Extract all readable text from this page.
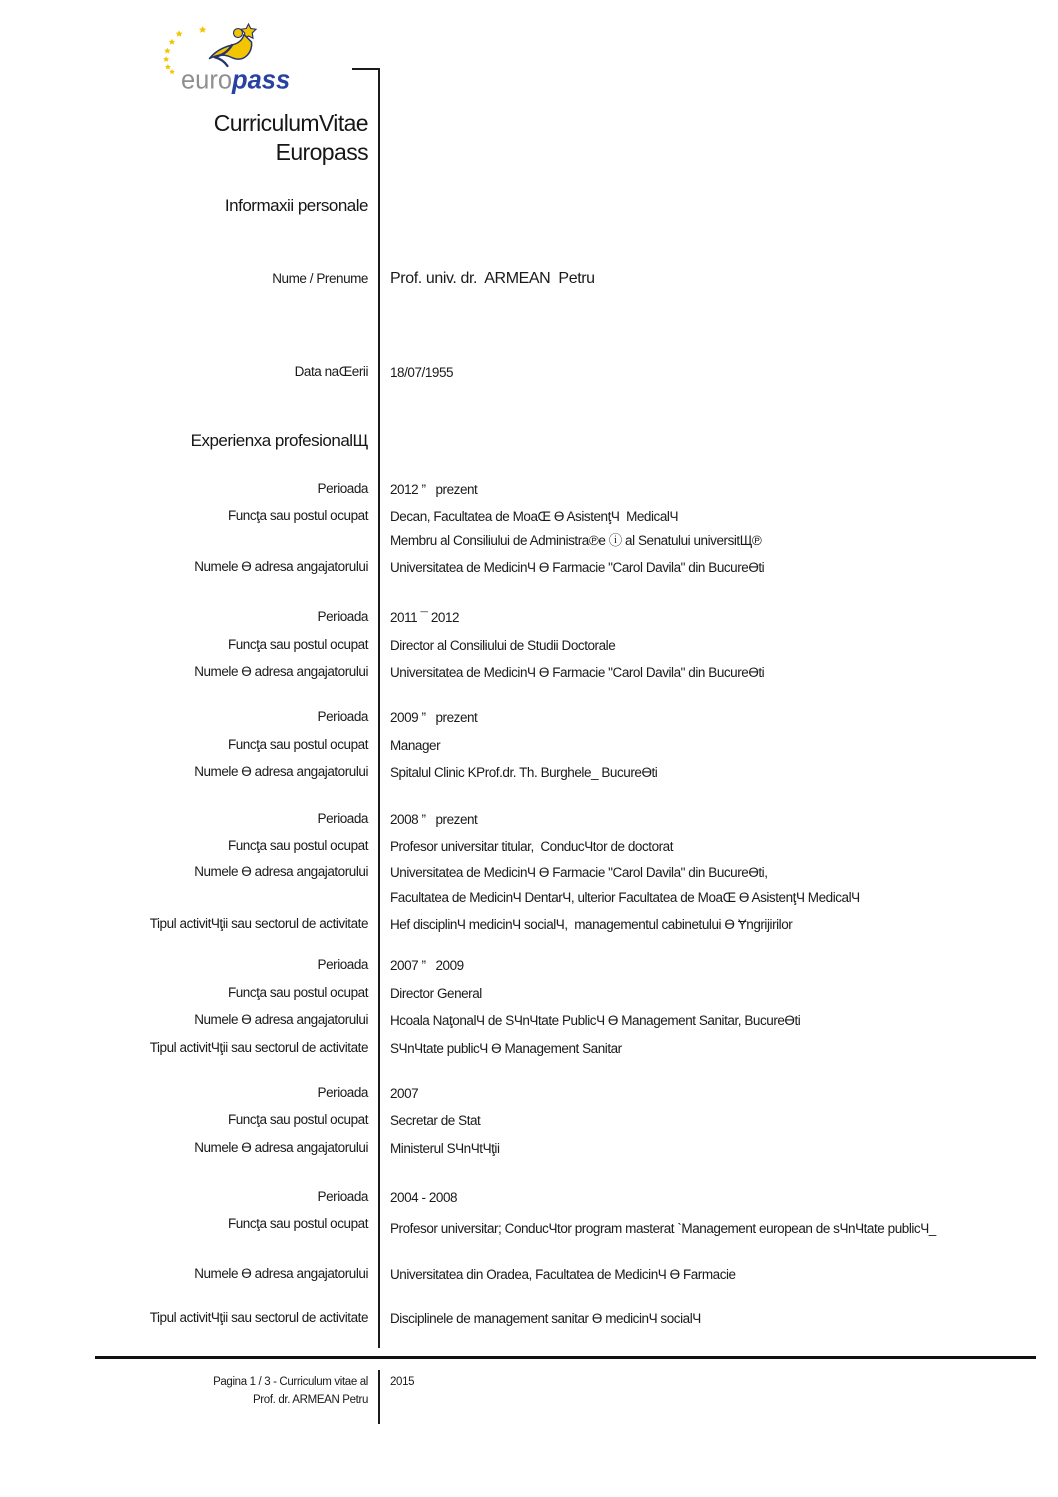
euro pass
CurriculumVitae
Europass
Informaxii personale
Nume / Prenume Prof. univ. dr.  ARMEAN  Petru
Data naŒerii 18/07/1955
Experienxa profesionalЩ
Perioada 2012 ”   prezent
Funcţa sau postul ocupat Decan, Facultatea de MoaŒ Ɵ AsistenţЧ  MedicalЧ
Membru al Consiliului de Administra℗e ⓘ al Senatului universitЩ℗
Numele Ɵ adresa angajatorului Universitatea de MedicinЧ Ɵ Farmacie "Carol Davila" din BucureƟti
Perioada 2011 ¯ 2012
Funcţa sau postul ocupat Director al Consiliului de Studii Doctorale
Numele Ɵ adresa angajatorului Universitatea de MedicinЧ Ɵ Farmacie "Carol Davila" din BucureƟti
Perioada 2009 ”   prezent
Funcţa sau postul ocupat Manager
Numele Ɵ adresa angajatorului Spitalul Clinic KProf.dr. Th. Burghele_ BucureƟti
Perioada 2008 ”   prezent
Funcţa sau postul ocupat Profesor universitar titular,  ConducЧtor de doctorat
Numele Ɵ adresa angajatorului Universitatea de MedicinЧ Ɵ Farmacie "Carol Davila" din BucureƟti,
Facultatea de MedicinЧ DentarЧ, ulterior Facultatea de MoaŒ Ɵ AsistenţЧ MedicalЧ
Tipul activitЧţii sau sectorul de activitate Hef disciplinЧ medicinЧ socialЧ,  managementul cabinetului Ɵ Ɏngrijirilor
Perioada 2007 ”   2009
Funcţa sau postul ocupat Director General
Numele Ɵ adresa angajatorului Hcoala NaţonalЧ de SЧnЧtate PublicЧ Ɵ Management Sanitar, BucureƟti
Tipul activitЧţii sau sectorul de activitate SЧnЧtate publicЧ Ɵ Management Sanitar
Perioada 2007
Funcţa sau postul ocupat Secretar de Stat
Numele Ɵ adresa angajatorului Ministerul SЧnЧtЧţii
Perioada 2004 - 2008
Funcţa sau postul ocupat Profesor universitar; ConducЧtor program masterat `Management european de sЧnЧtate publicЧ_
Numele Ɵ adresa angajatorului Universitatea din Oradea, Facultatea de MedicinЧ Ɵ Farmacie
Tipul activitЧţii sau sectorul de activitate Disciplinele de management sanitar Ɵ medicinЧ socialЧ
Pagina 1 / 3 - Curriculum vitae al
Prof. dr. ARMEAN Petru
2015
